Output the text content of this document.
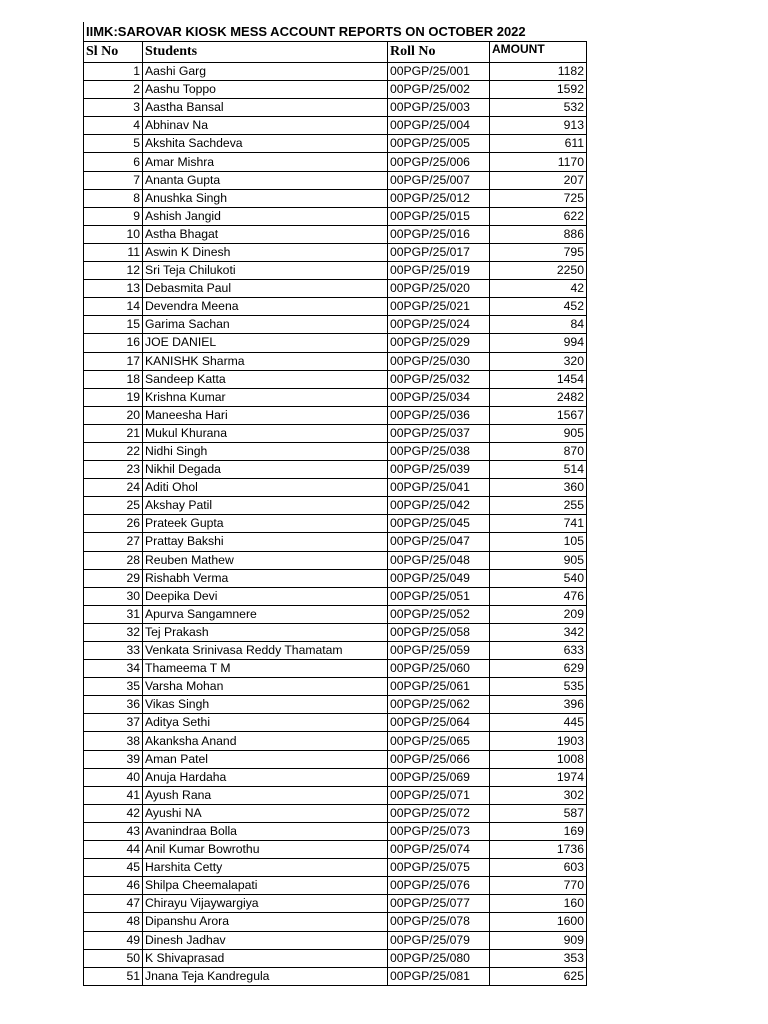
IIMK:SAROVAR KIOSK MESS ACCOUNT REPORTS ON OCTOBER 2022
Sl No	Students	Roll No	AMOUNT
1	Aashi Garg	00PGP/25/001	1182
2	Aashu Toppo	00PGP/25/002	1592
3	Aastha Bansal	00PGP/25/003	532
4	Abhinav Na	00PGP/25/004	913
5	Akshita Sachdeva	00PGP/25/005	611
6	Amar Mishra	00PGP/25/006	1170
7	Ananta Gupta	00PGP/25/007	207
8	Anushka Singh	00PGP/25/012	725
9	Ashish Jangid	00PGP/25/015	622
10	Astha Bhagat	00PGP/25/016	886
11	Aswin K Dinesh	00PGP/25/017	795
12	Sri Teja Chilukoti	00PGP/25/019	2250
13	Debasmita Paul	00PGP/25/020	42
14	Devendra Meena	00PGP/25/021	452
15	Garima Sachan	00PGP/25/024	84
16	JOE DANIEL	00PGP/25/029	994
17	KANISHK Sharma	00PGP/25/030	320
18	Sandeep Katta	00PGP/25/032	1454
19	Krishna Kumar	00PGP/25/034	2482
20	Maneesha Hari	00PGP/25/036	1567
21	Mukul Khurana	00PGP/25/037	905
22	Nidhi Singh	00PGP/25/038	870
23	Nikhil Degada	00PGP/25/039	514
24	Aditi Ohol	00PGP/25/041	360
25	Akshay Patil	00PGP/25/042	255
26	Prateek Gupta	00PGP/25/045	741
27	Prattay Bakshi	00PGP/25/047	105
28	Reuben Mathew	00PGP/25/048	905
29	Rishabh Verma	00PGP/25/049	540
30	Deepika Devi	00PGP/25/051	476
31	Apurva Sangamnere	00PGP/25/052	209
32	Tej Prakash	00PGP/25/058	342
33	Venkata Srinivasa Reddy Thamatam	00PGP/25/059	633
34	Thameema T M	00PGP/25/060	629
35	Varsha Mohan	00PGP/25/061	535
36	Vikas Singh	00PGP/25/062	396
37	Aditya Sethi	00PGP/25/064	445
38	Akanksha Anand	00PGP/25/065	1903
39	Aman Patel	00PGP/25/066	1008
40	Anuja Hardaha	00PGP/25/069	1974
41	Ayush Rana	00PGP/25/071	302
42	Ayushi NA	00PGP/25/072	587
43	Avanindraa Bolla	00PGP/25/073	169
44	Anil Kumar Bowrothu	00PGP/25/074	1736
45	Harshita Cetty	00PGP/25/075	603
46	Shilpa Cheemalapati	00PGP/25/076	770
47	Chirayu Vijaywargiya	00PGP/25/077	160
48	Dipanshu Arora	00PGP/25/078	1600
49	Dinesh Jadhav	00PGP/25/079	909
50	K Shivaprasad	00PGP/25/080	353
51	Jnana Teja Kandregula	00PGP/25/081	625
